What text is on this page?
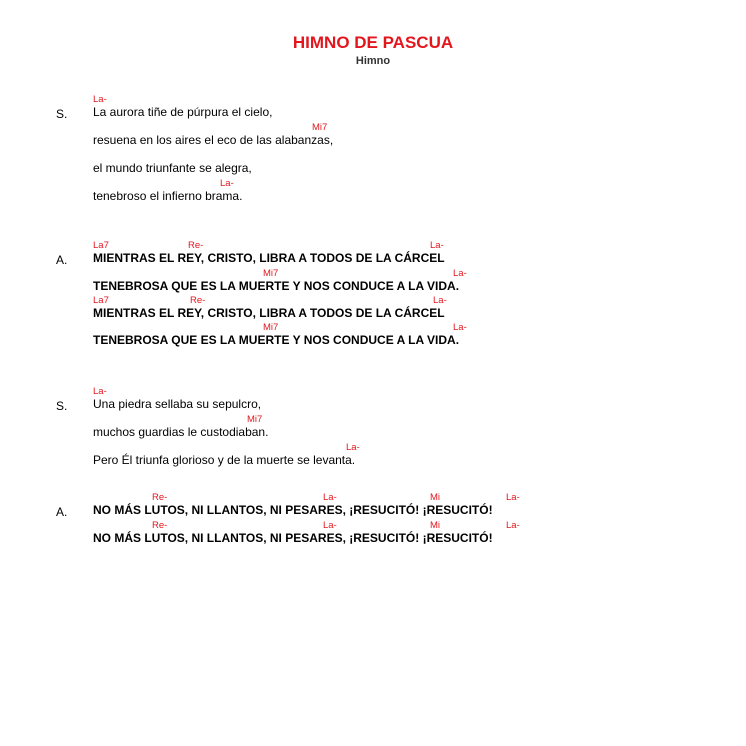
HIMNO DE PASCUA
Himno
S.
La-
La aurora tiñe de púrpura el cielo,
Mi7
resuena en los aires el eco de las alabanzas,
el mundo triunfante se alegra,
La-
tenebroso el infierno brama.
A.
La7	Re-	La-
MIENTRAS EL REY, CRISTO, LIBRA A TODOS DE LA CÁRCEL
Mi7	La-
TENEBROSA QUE ES LA MUERTE Y NOS CONDUCE A LA VIDA.
La7	Re-	La-
MIENTRAS EL REY, CRISTO, LIBRA A TODOS DE LA CÁRCEL
Mi7	La-
TENEBROSA QUE ES LA MUERTE Y NOS CONDUCE A LA VIDA.
S.
La-
Una piedra sellaba su sepulcro,
Mi7
muchos guardias le custodiaban.
La-
Pero Él triunfa glorioso y de la muerte se levanta.
A.
Re-	La-	Mi	La-
NO MÁS LUTOS, NI LLANTOS, NI PESARES, ¡RESUCITÓ! ¡RESUCITÓ!
Re-	La-	Mi	La-
NO MÁS LUTOS, NI LLANTOS, NI PESARES, ¡RESUCITÓ! ¡RESUCITÓ!
